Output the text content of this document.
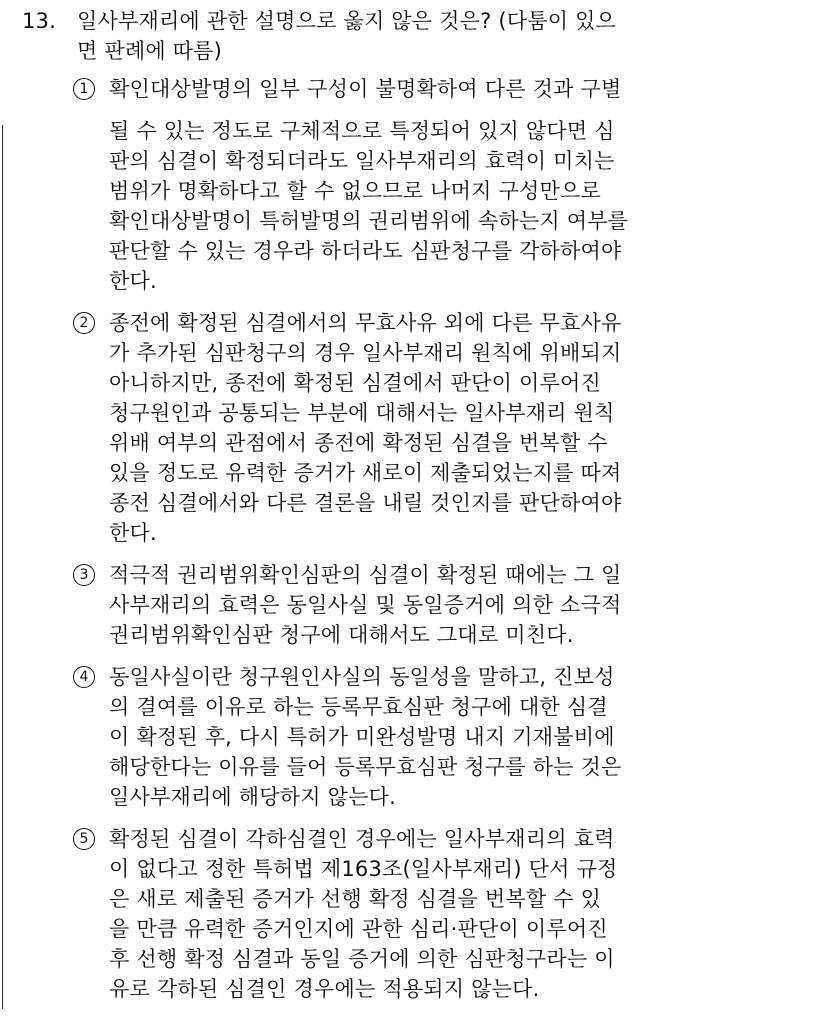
13.	일사부재리에 관한 설명으로 옳지 않은 것은? (다툼이 있으
면 판례에 따름)
1 확인대상발명의 일부 구성이 불명확하여 다른 것과 구별
될 수 있는 정도로 구체적으로 특정되어 있지 않다면 심
판의 심결이 확정되더라도 일사부재리의 효력이 미치는
범위가 명확하다고 할 수 없으므로 나머지 구성만으로
확인대상발명이 특허발명의 권리범위에 속하는지 여부를
판단할 수 있는 경우라 하더라도 심판청구를 각하하여야
한다.
2 종전에 확정된 심결에서의 무효사유 외에 다른 무효사유
가 추가된 심판청구의 경우 일사부재리 원칙에 위배되지
아니하지만, 종전에 확정된 심결에서 판단이 이루어진
청구원인과 공통되는 부분에 대해서는 일사부재리 원칙
위배 여부의 관점에서 종전에 확정된 심결을 번복할 수
있을 정도로 유력한 증거가 새로이 제출되었는지를 따져
종전 심결에서와 다른 결론을 내릴 것인지를 판단하여야
한다.
3 적극적 권리범위확인심판의 심결이 확정된 때에는 그 일
사부재리의 효력은 동일사실 및 동일증거에 의한 소극적
권리범위확인심판 청구에 대해서도 그대로 미친다.
4 동일사실이란 청구원인사실의 동일성을 말하고, 진보성
의 결여를 이유로 하는 등록무효심판 청구에 대한 심결
이 확정된 후, 다시 특허가 미완성발명 내지 기재불비에
해당한다는 이유를 들어 등록무효심판 청구를 하는 것은
일사부재리에 해당하지 않는다.
5 확정된 심결이 각하심결인 경우에는 일사부재리의 효력
이 없다고 정한 특허법 제163조(일사부재리) 단서 규정
은 새로 제출된 증거가 선행 확정 심결을 번복할 수 있
을 만큼 유력한 증거인지에 관한 심리·판단이 이루어진
후 선행 확정 심결과 동일 증거에 의한 심판청구라는 이
유로 각하된 심결인 경우에는 적용되지 않는다.
